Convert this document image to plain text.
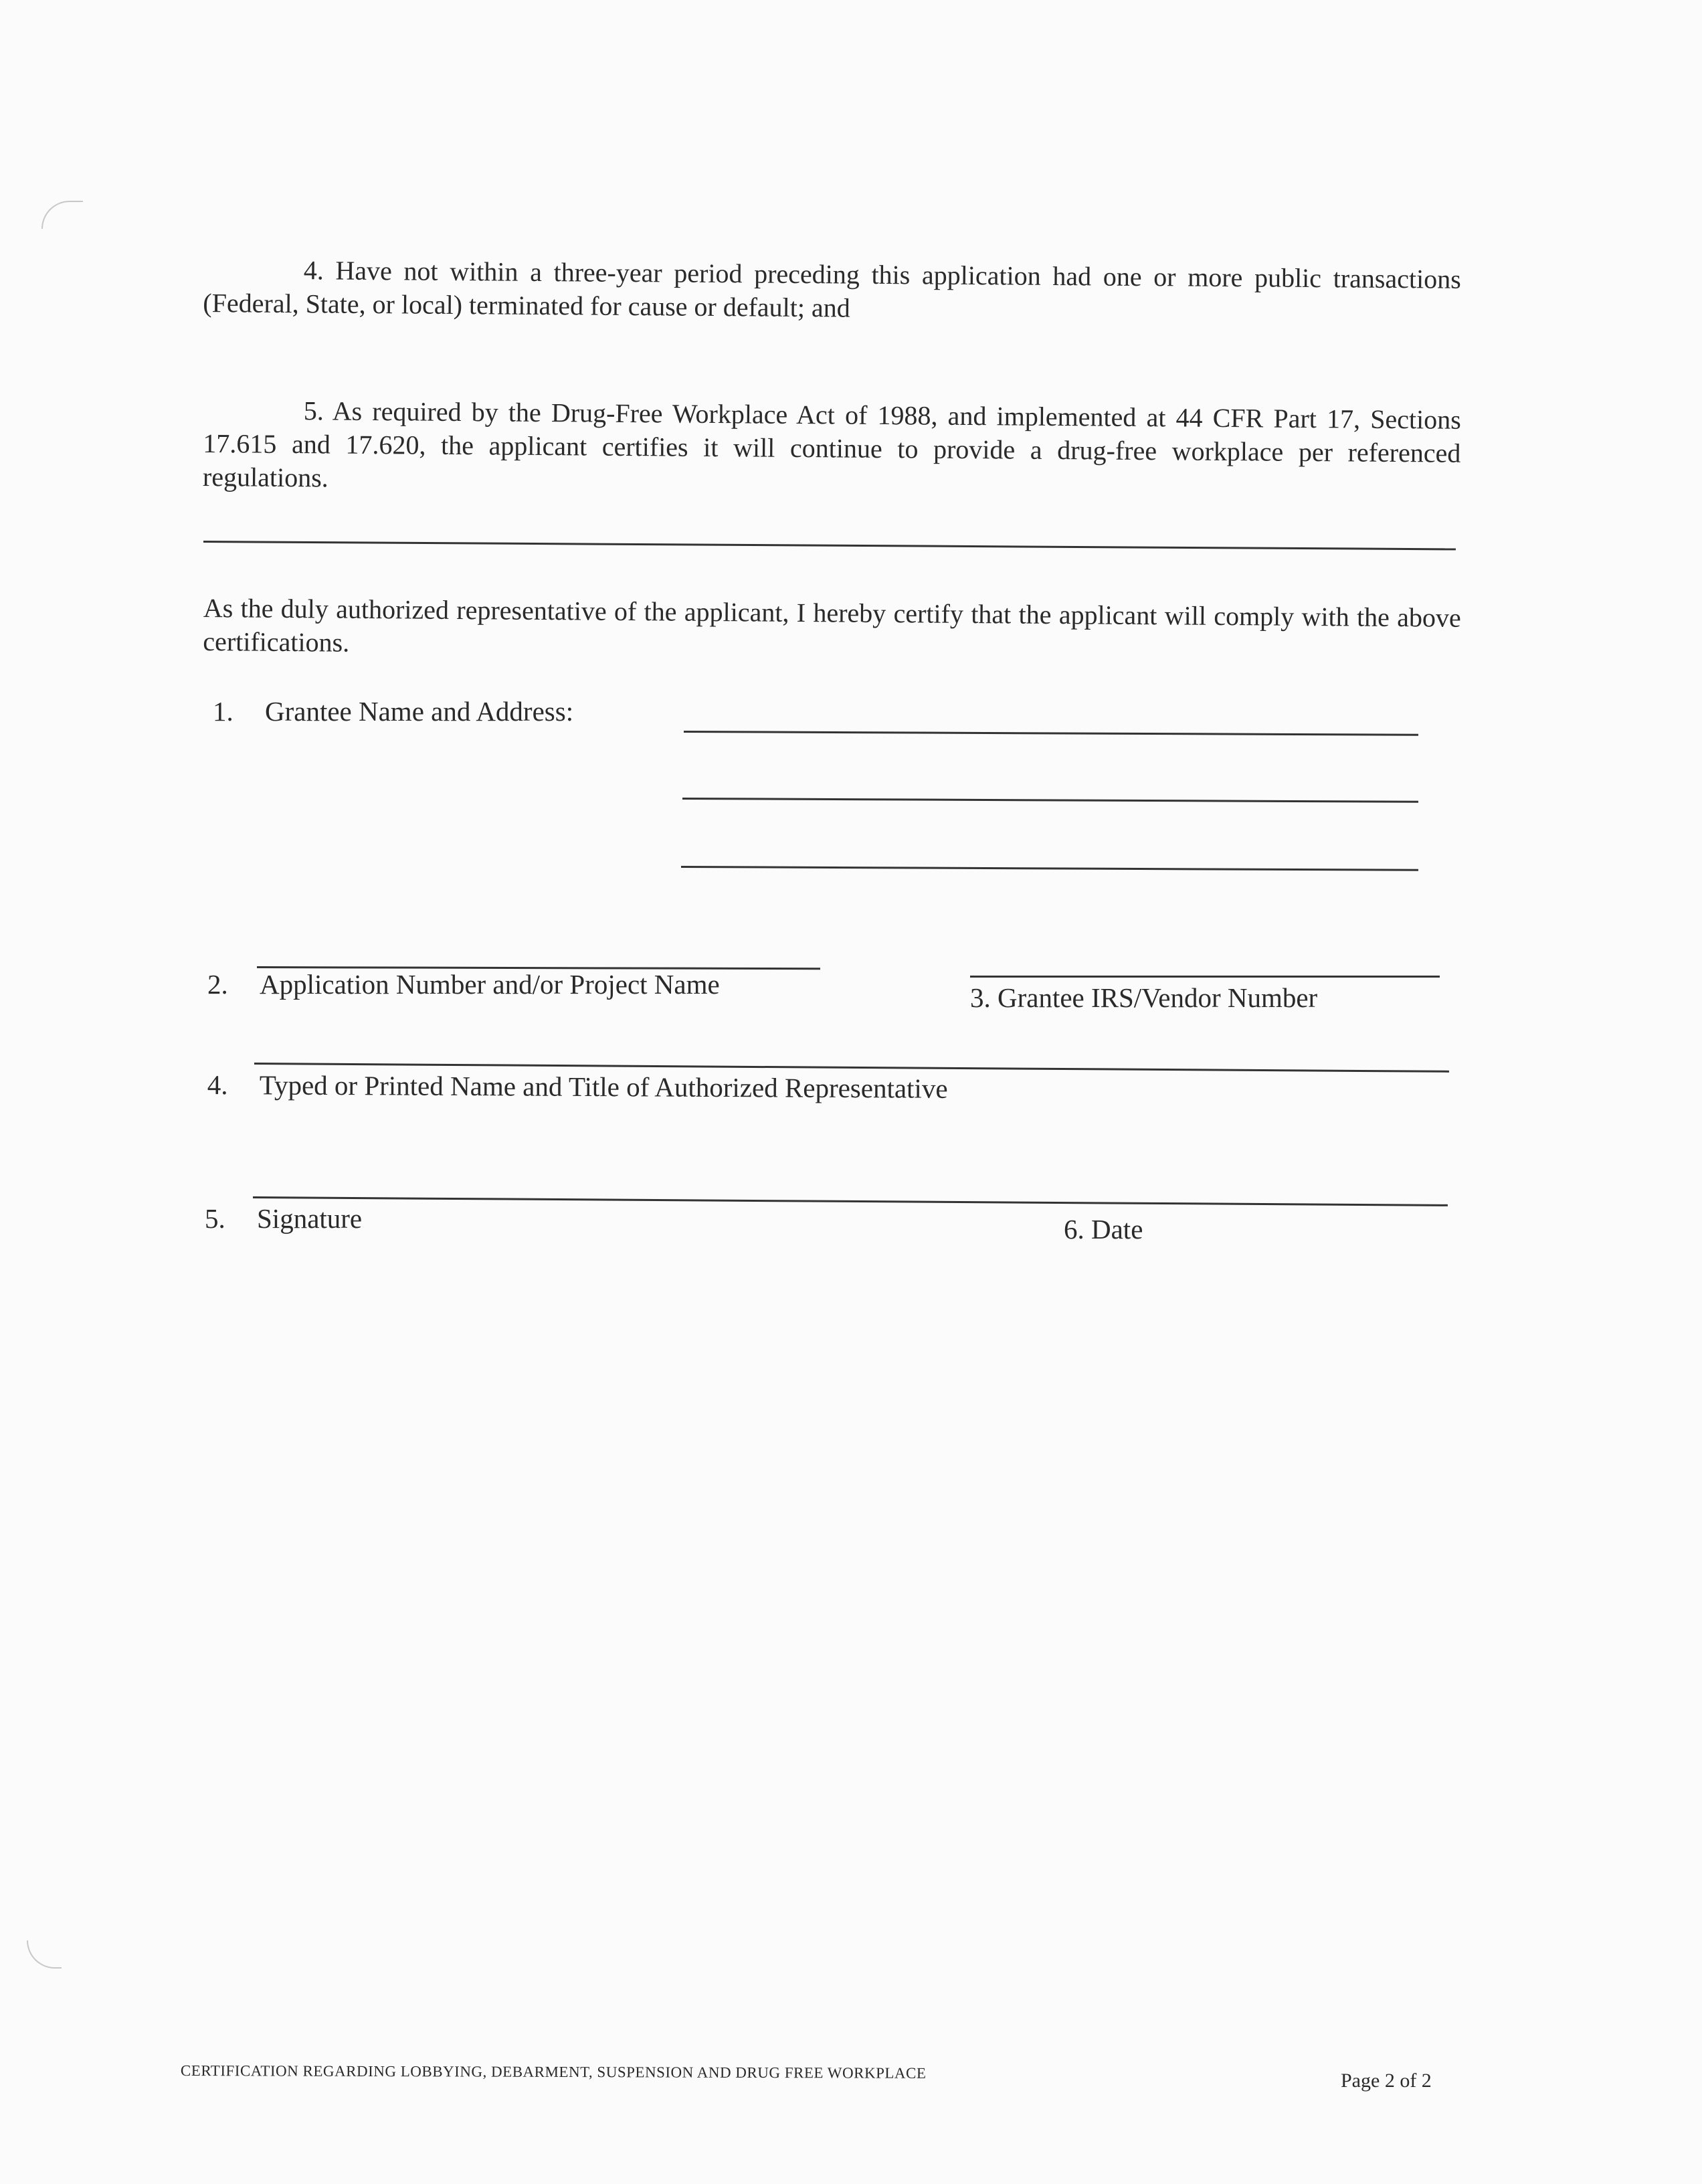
4. Have not within a three-year period preceding this application had one or more public transactions (Federal, State, or local) terminated for cause or default; and

5. As required by the Drug-Free Workplace Act of 1988, and implemented at 44 CFR Part 17, Sections 17.615 and 17.620, the applicant certifies it will continue to provide a drug-free workplace per referenced regulations.

As the duly authorized representative of the applicant, I hereby certify that the applicant will comply with the above certifications.

1. Grantee Name and Address:

2. Application Number and/or Project Name	3. Grantee IRS/Vendor Number

4. Typed or Printed Name and Title of Authorized Representative

5. Signature	6. Date

CERTIFICATION REGARDING LOBBYING, DEBARMENT, SUSPENSION AND DRUG FREE WORKPLACE	Page 2 of 2
